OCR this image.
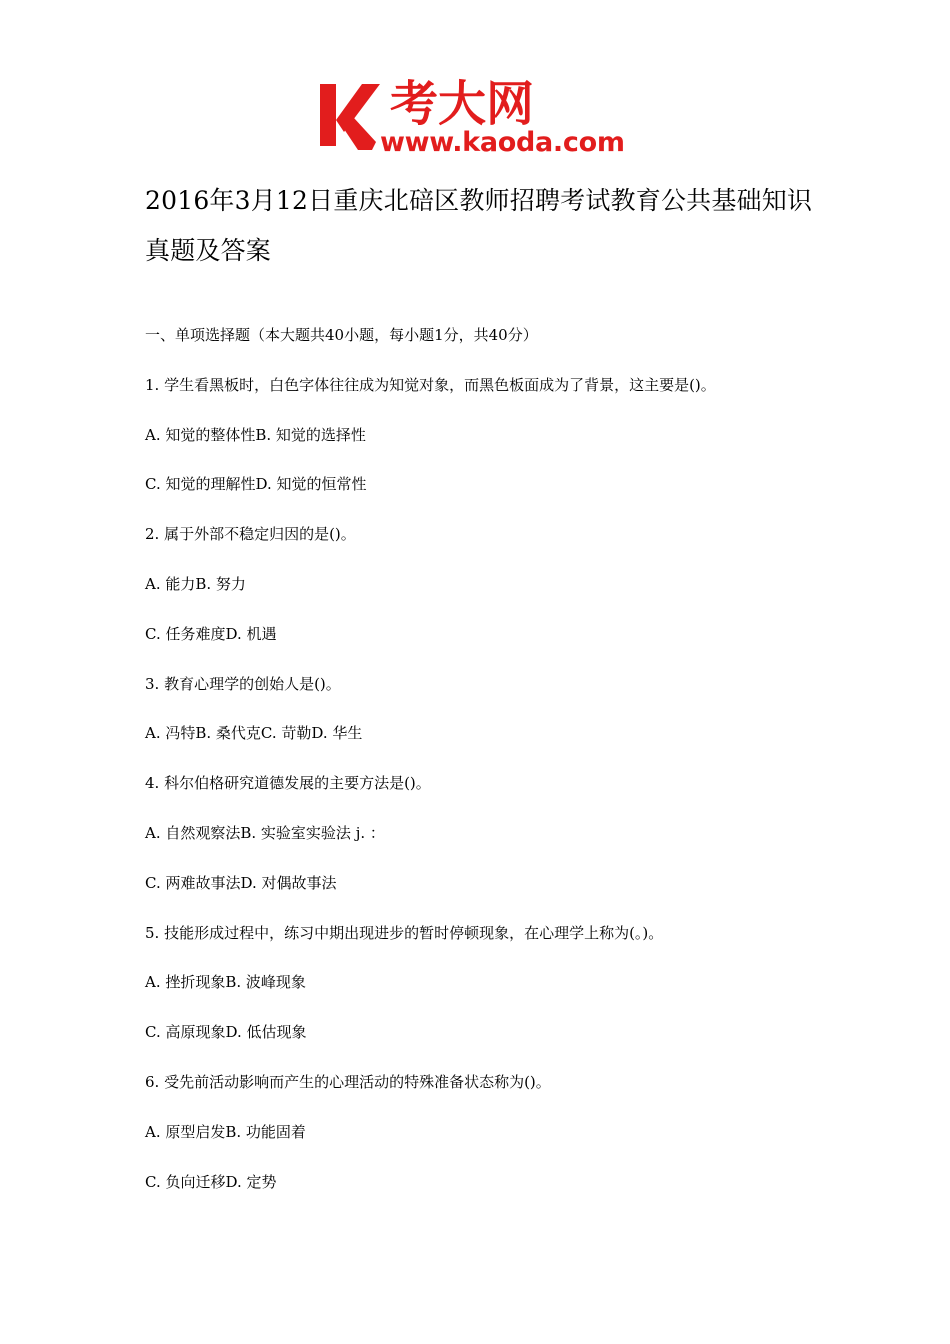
考大网
www.kaoda.com
2016年3月12日重庆北碚区教师招聘考试教育公共基础知识真题及答案
一、单项选择题（本大题共40小题，每小题1分，共40分）
1. 学生看黑板时，白色字体往往成为知觉对象，而黑色板面成为了背景，这主要是()。
A. 知觉的整体性B. 知觉的选择性
C. 知觉的理解性D. 知觉的恒常性
2. 属于外部不稳定归因的是()。
A. 能力B. 努力
C. 任务难度D. 机遇
3. 教育心理学的创始人是()。
A. 冯特B. 桑代克C. 苛勒D. 华生
4. 科尔伯格研究道德发展的主要方法是()。
A. 自然观察法B. 实验室实验法 j. ：
C. 两难故事法D. 对偶故事法
5. 技能形成过程中，练习中期出现进步的暂时停顿现象，在心理学上称为(。)。
A. 挫折现象B. 波峰现象
C. 高原现象D. 低估现象
6. 受先前活动影响而产生的心理活动的特殊准备状态称为()。
A. 原型启发B. 功能固着
C. 负向迁移D. 定势
